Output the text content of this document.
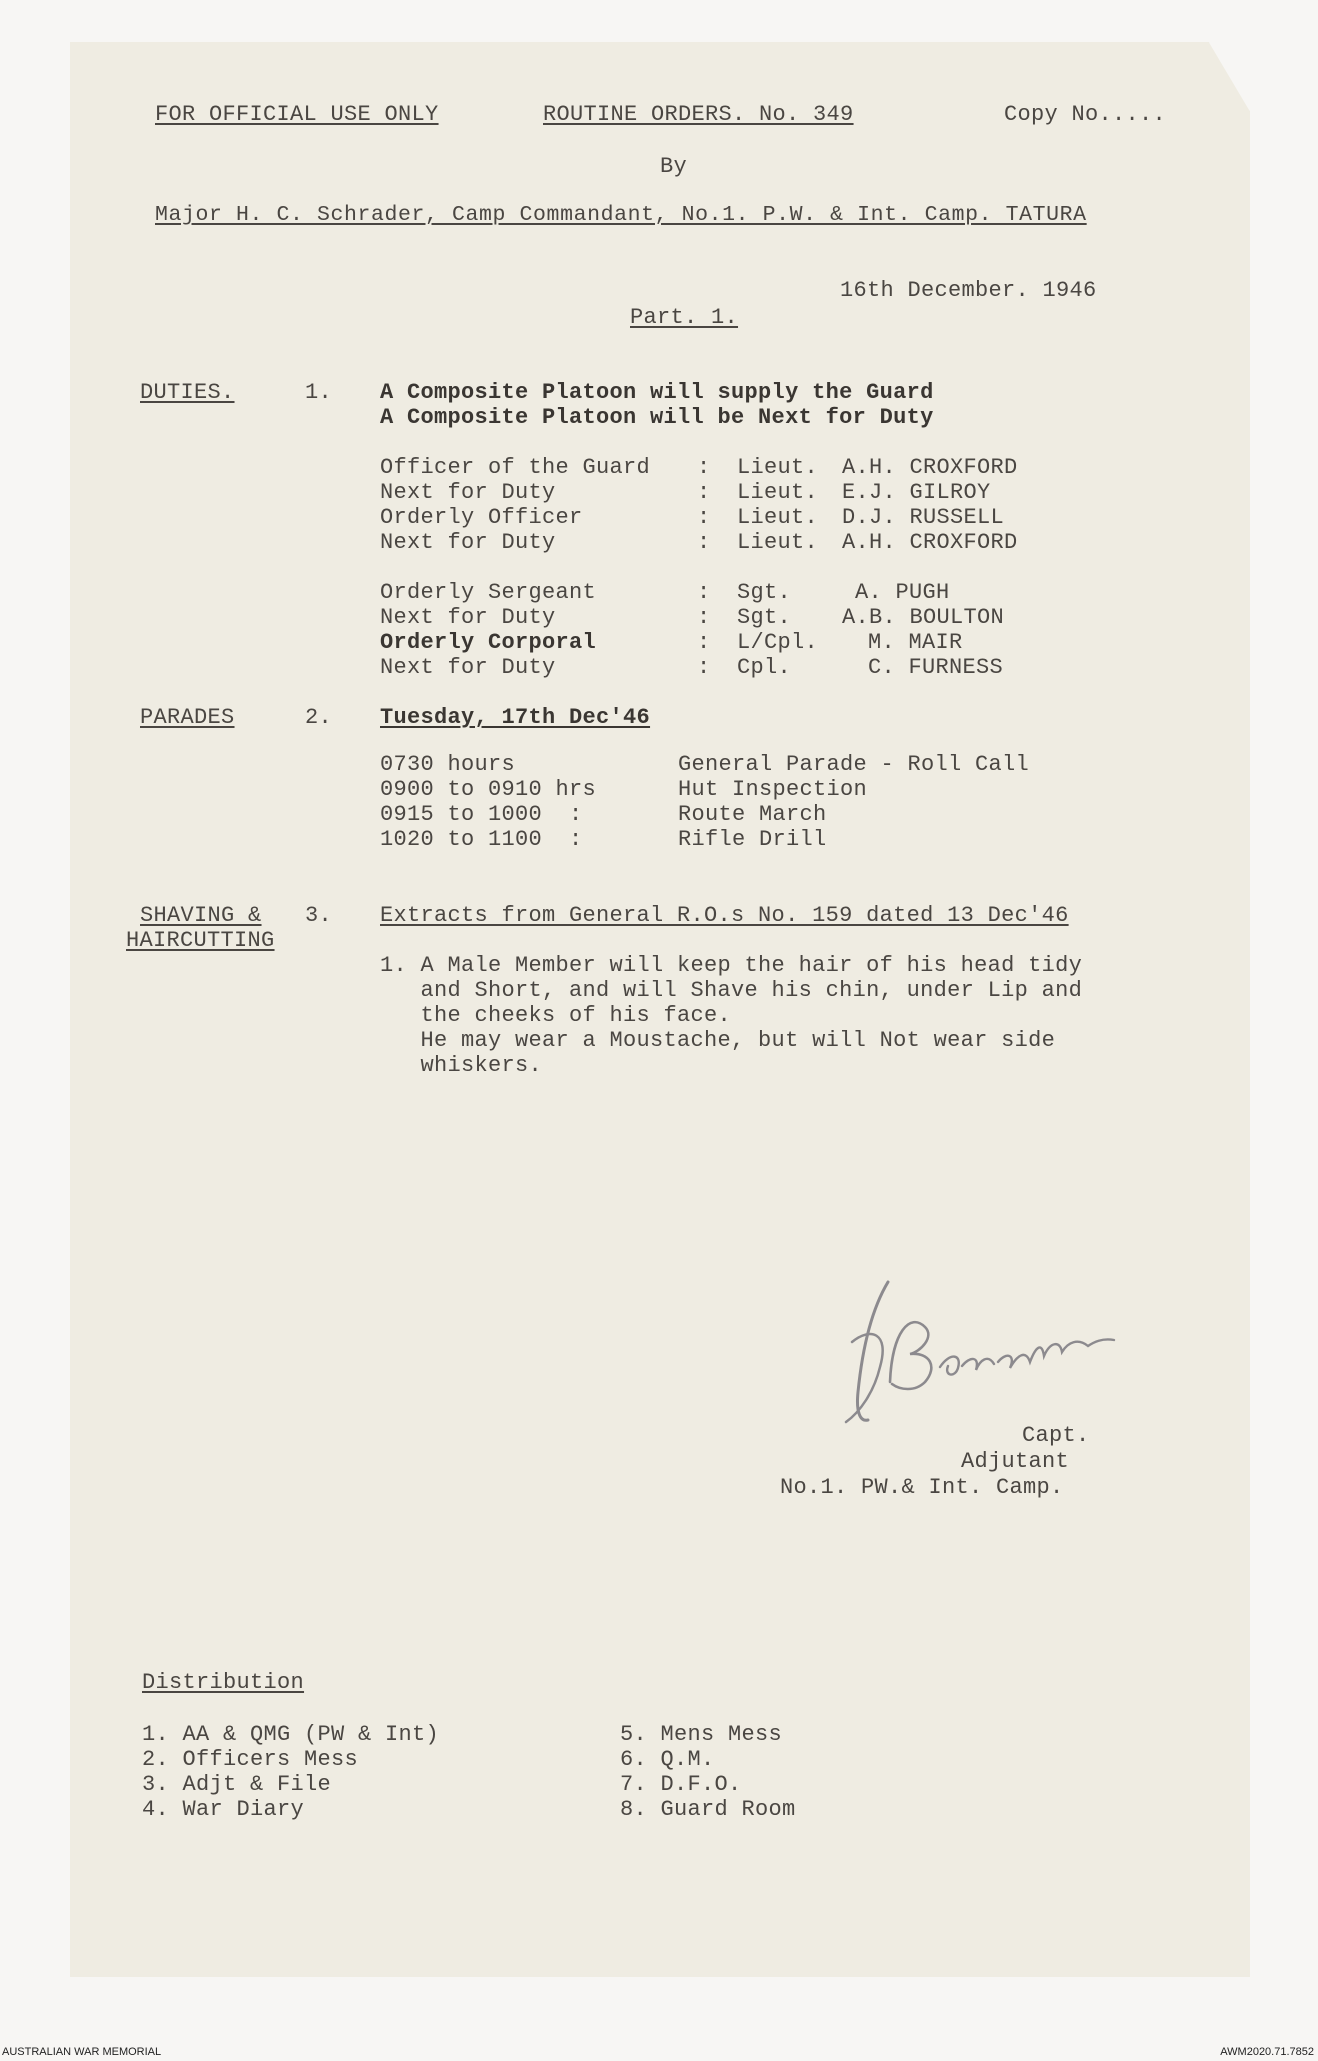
FOR OFFICIAL USE ONLY	ROUTINE ORDERS. No. 349	Copy No.....
By
Major H. C. Schrader, Camp Commandant, No.1. P.W. & Int. Camp. TATURA
16th December. 1946
Part. 1.
DUTIES.	1. A Composite Platoon will supply the Guard
A Composite Platoon will be Next for Duty
Officer of the Guard : Lieut. A.H. CROXFORD
Next for Duty	: Lieut. E.J. GILROY
Orderly Officer	: Lieut. D.J. RUSSELL
Next for Duty	: Lieut. A.H. CROXFORD
Orderly Sergeant	: Sgt.	A. PUGH
Next for Duty	: Sgt. A.B. BOULTON
Orderly Corporal	: L/Cpl. M. MAIR
Next for Duty	: Cpl.	C. FURNESS
PARADES	2. Tuesday, 17th Dec'46
0730 hours	General Parade - Roll Call
0900 to 0910 hrs	Hut Inspection
0915 to 1000  :	Route March
1020 to 1100  :	Rifle Drill
SHAVING &
HAIRCUTTING
3. Extracts from General R.O.s No. 159 dated 13 Dec'46
1. A Male Member will keep the hair of his head tidy
and Short, and will Shave his chin, under Lip and
the cheeks of his face.
He may wear a Moustache, but will Not wear side
whiskers.
Capt.
Adjutant
No.1. PW.& Int. Camp.
Distribution
1. AA & QMG (PW & Int)
2. Officers Mess
3. Adjt & File
4. War Diary
5. Mens Mess
6. Q.M.
7. D.F.O.
8. Guard Room
AUSTRALIAN WAR MEMORIAL	AWM2020.71.7852
